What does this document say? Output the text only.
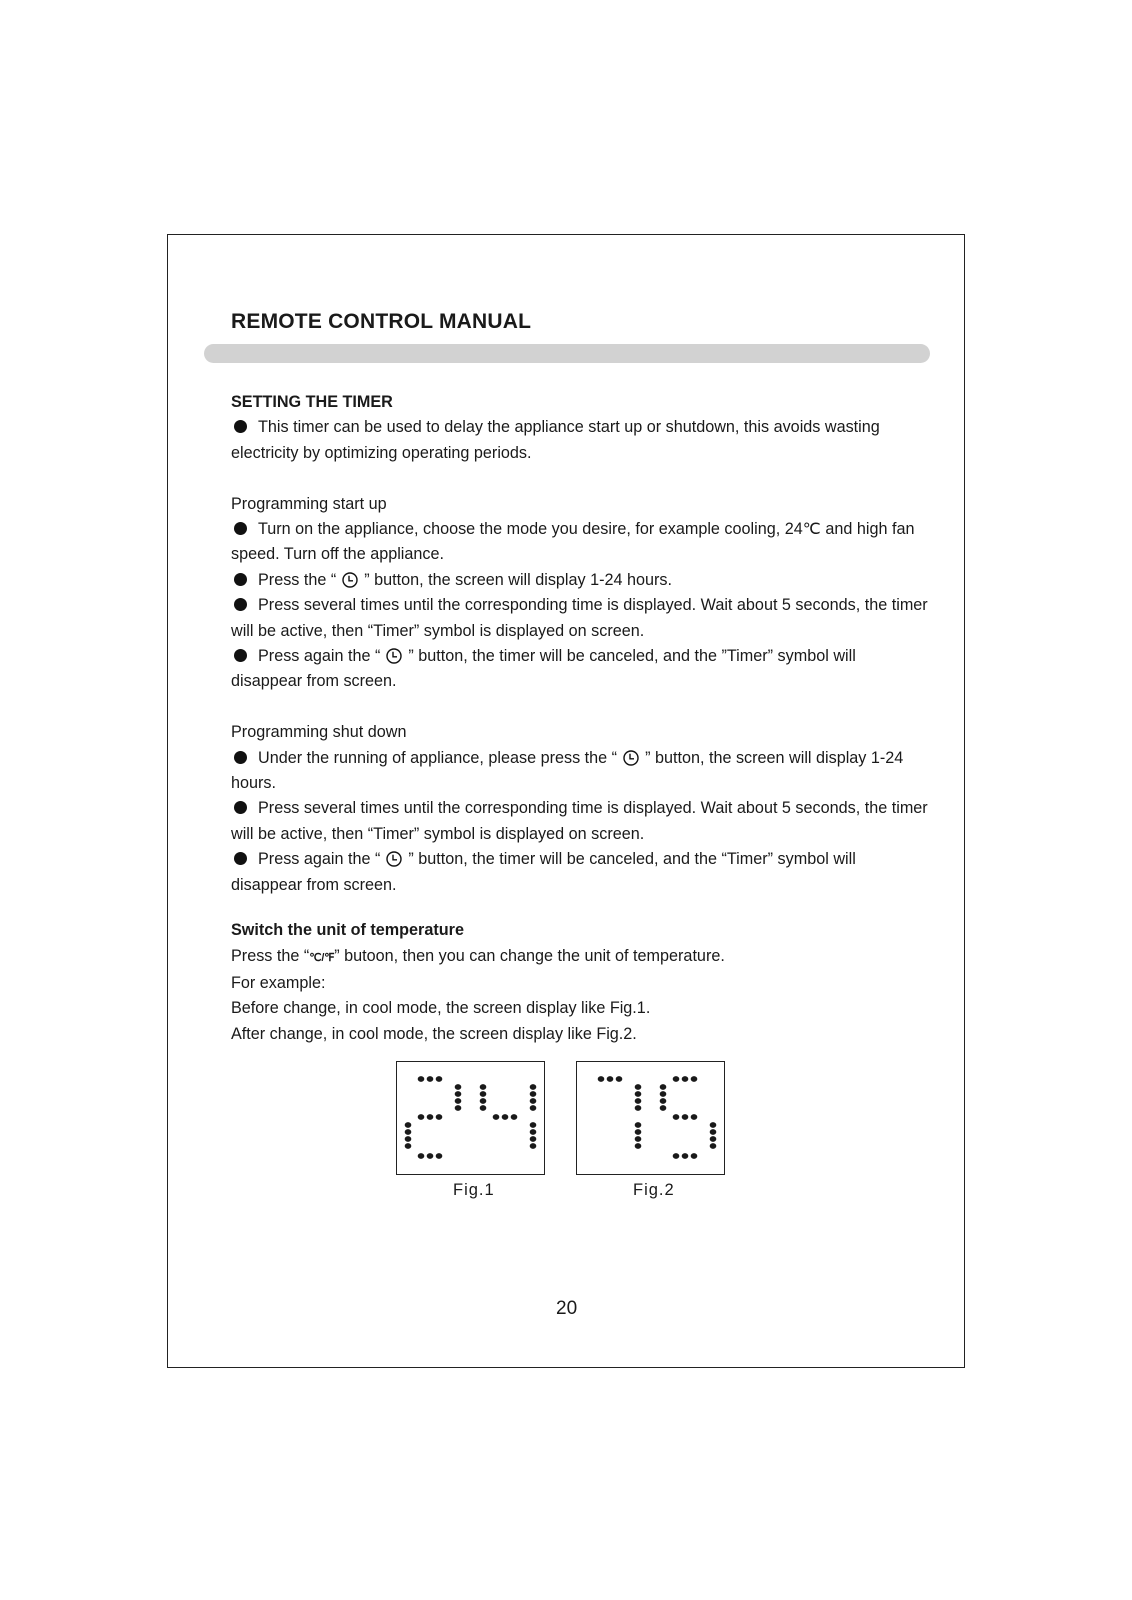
REMOTE CONTROL MANUAL

SETTING THE TIMER

This timer can be used to delay the appliance start up or shutdown, this avoids wasting electricity by optimizing operating periods.

Programming start up

Turn on the appliance, choose the mode you desire, for example cooling, 24℃ and high fan speed. Turn off the appliance.

Press the “ ” button, the screen will display 1-24 hours.

Press several times until the corresponding time is displayed. Wait about 5 seconds, the timer will be active, then “Timer” symbol is displayed on screen.

Press again the “ ” button, the timer will be canceled, and the ”Timer” symbol will disappear from screen.

Programming shut down

Under the running of appliance, please press the “ ” button, the screen will display 1-24 hours.

Press several times until the corresponding time is displayed. Wait about 5 seconds, the timer will be active, then “Timer” symbol is displayed on screen.

Press again the “ ” button, the timer will be canceled, and the “Timer” symbol will disappear from screen.

Switch the unit of temperature

Press the “℃/℉” butoon, then you can change the unit of temperature.

For example:

Before change, in cool mode, the screen display like Fig.1.

After change, in cool mode, the screen display like Fig.2.

Fig.1	Fig.2
20
